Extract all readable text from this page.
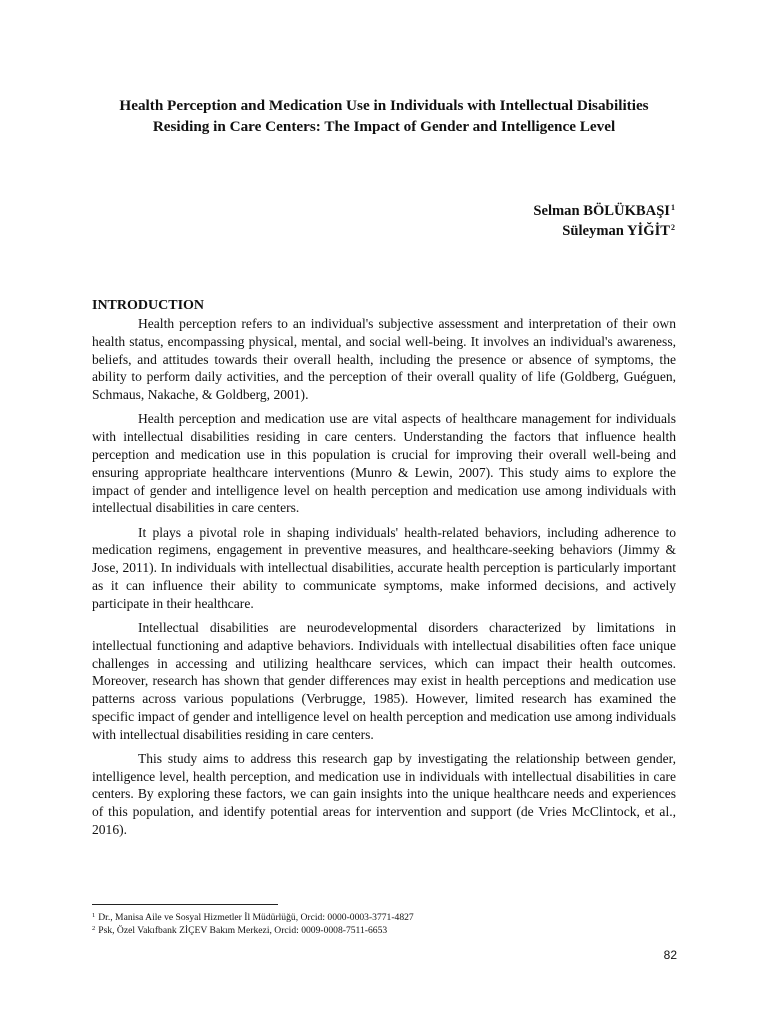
Health Perception and Medication Use in Individuals with Intellectual Disabilities Residing in Care Centers: The Impact of Gender and Intelligence Level
Selman BÖLÜKBAŞI$^1$
Süleyman YİĞİT$^2$
INTRODUCTION

Health perception refers to an individual's subjective assessment and interpretation of their own health status, encompassing physical, mental, and social well-being. It involves an individual's awareness, beliefs, and attitudes towards their overall health, including the presence or absence of symptoms, the ability to perform daily activities, and the perception of their overall quality of life (Goldberg, Guéguen, Schmaus, Nakache, & Goldberg, 2001).

Health perception and medication use are vital aspects of healthcare management for individuals with intellectual disabilities residing in care centers. Understanding the factors that influence health perception and medication use in this population is crucial for improving their overall well-being and ensuring appropriate healthcare interventions (Munro & Lewin, 2007). This study aims to explore the impact of gender and intelligence level on health perception and medication use among individuals with intellectual disabilities in care centers.

It plays a pivotal role in shaping individuals' health-related behaviors, including adherence to medication regimens, engagement in preventive measures, and healthcare-seeking behaviors (Jimmy & Jose, 2011). In individuals with intellectual disabilities, accurate health perception is particularly important as it can influence their ability to communicate symptoms, make informed decisions, and actively participate in their healthcare.

Intellectual disabilities are neurodevelopmental disorders characterized by limitations in intellectual functioning and adaptive behaviors. Individuals with intellectual disabilities often face unique challenges in accessing and utilizing healthcare services, which can impact their health outcomes. Moreover, research has shown that gender differences may exist in health perceptions and medication use patterns across various populations (Verbrugge, 1985). However, limited research has examined the specific impact of gender and intelligence level on health perception and medication use among individuals with intellectual disabilities residing in care centers.

This study aims to address this research gap by investigating the relationship between gender, intelligence level, health perception, and medication use in individuals with intellectual disabilities in care centers. By exploring these factors, we can gain insights into the unique healthcare needs and experiences of this population, and identify potential areas for intervention and support (de Vries McClintock, et al., 2016).

$^1$ Dr., Manisa Aile ve Sosyal Hizmetler İl Müdürlüğü, Orcid: 0000-0003-3771-4827
$^2$ Psk, Özel Vakıfbank ZİÇEV Bakım Merkezi, Orcid: 0009-0008-7511-6653
82
